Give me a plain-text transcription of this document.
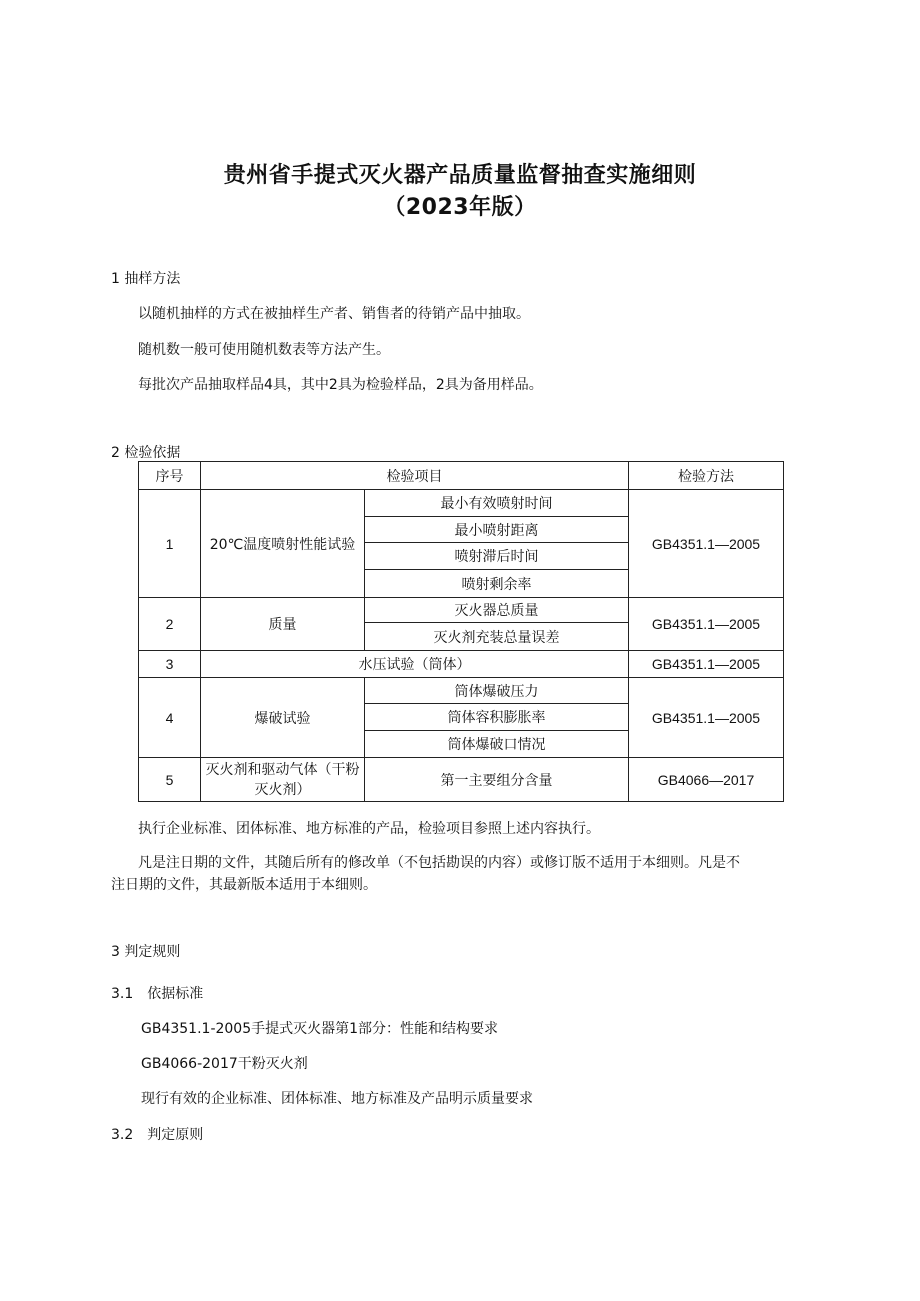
贵州省手提式灭火器产品质量监督抽查实施细则
（2023年版）
1 抽样方法
以随机抽样的方式在被抽样生产者、销售者的待销产品中抽取。
随机数一般可使用随机数表等方法产生。
每批次产品抽取样品4具，其中2具为检验样品，2具为备用样品。
2 检验依据
序号	检验项目		检验方法
1	20℃温度喷射性能试验	最小有效喷射时间	GB4351.1—2005
		最小喷射距离	
		喷射滞后时间	
		喷射剩余率	
2	质量	灭火器总质量	GB4351.1—2005
		灭火剂充装总量误差	
3	水压试验（筒体）		GB4351.1—2005
4	爆破试验	筒体爆破压力	GB4351.1—2005
		筒体容积膨胀率	
		筒体爆破口情况	
5	灭火剂和驱动气体（干粉灭火剂）	第一主要组分含量	GB4066—2017
执行企业标准、团体标准、地方标准的产品，检验项目参照上述内容执行。
凡是注日期的文件，其随后所有的修改单（不包括勘误的内容）或修订版不适用于本细则。凡是不
注日期的文件，其最新版本适用于本细则。
3 判定规则
3.1　依据标准
GB4351.1-2005手提式灭火器第1部分：性能和结构要求
GB4066-2017干粉灭火剂
现行有效的企业标准、团体标准、地方标准及产品明示质量要求
3.2　判定原则
